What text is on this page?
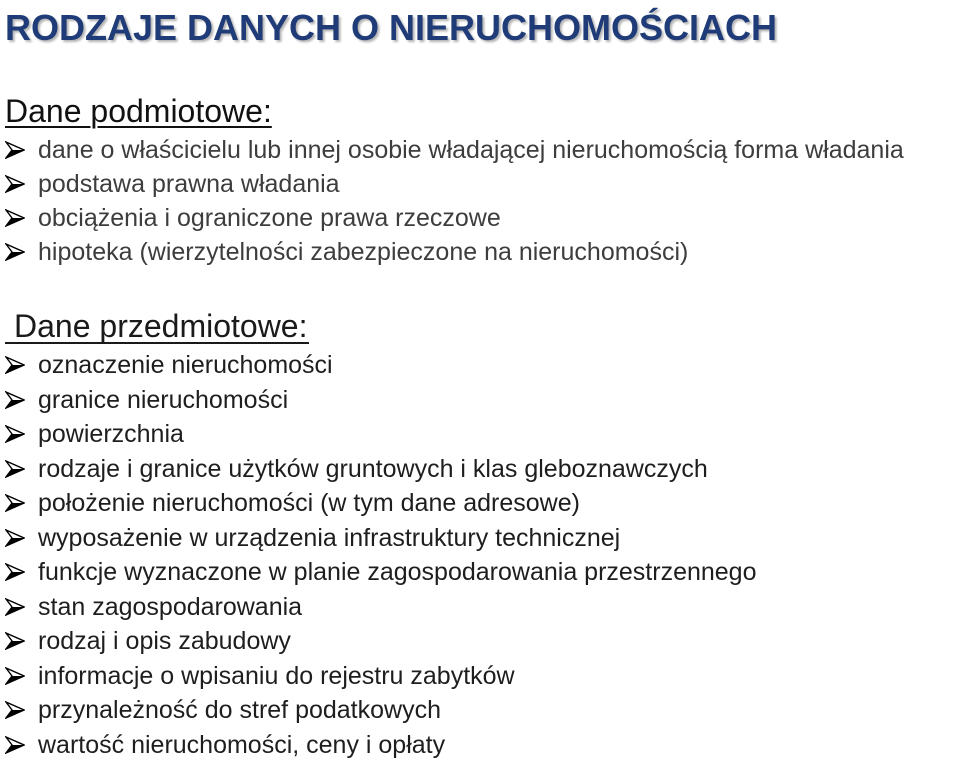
RODZAJE DANYCH O NIERUCHOMOŚCIACH
Dane podmiotowe:
dane o właścicielu lub innej osobie władającej nieruchomością forma władania
podstawa prawna władania
obciążenia i ograniczone prawa rzeczowe
hipoteka (wierzytelności zabezpieczone na nieruchomości)
Dane przedmiotowe:
oznaczenie nieruchomości
granice nieruchomości
powierzchnia
rodzaje i granice użytków gruntowych i klas gleboznawczych
położenie nieruchomości (w tym dane adresowe)
wyposażenie w urządzenia infrastruktury technicznej
funkcje wyznaczone w planie zagospodarowania przestrzennego
stan zagospodarowania
rodzaj i opis zabudowy
informacje o wpisaniu do rejestru zabytków
przynależność do stref podatkowych
wartość nieruchomości, ceny i opłaty
